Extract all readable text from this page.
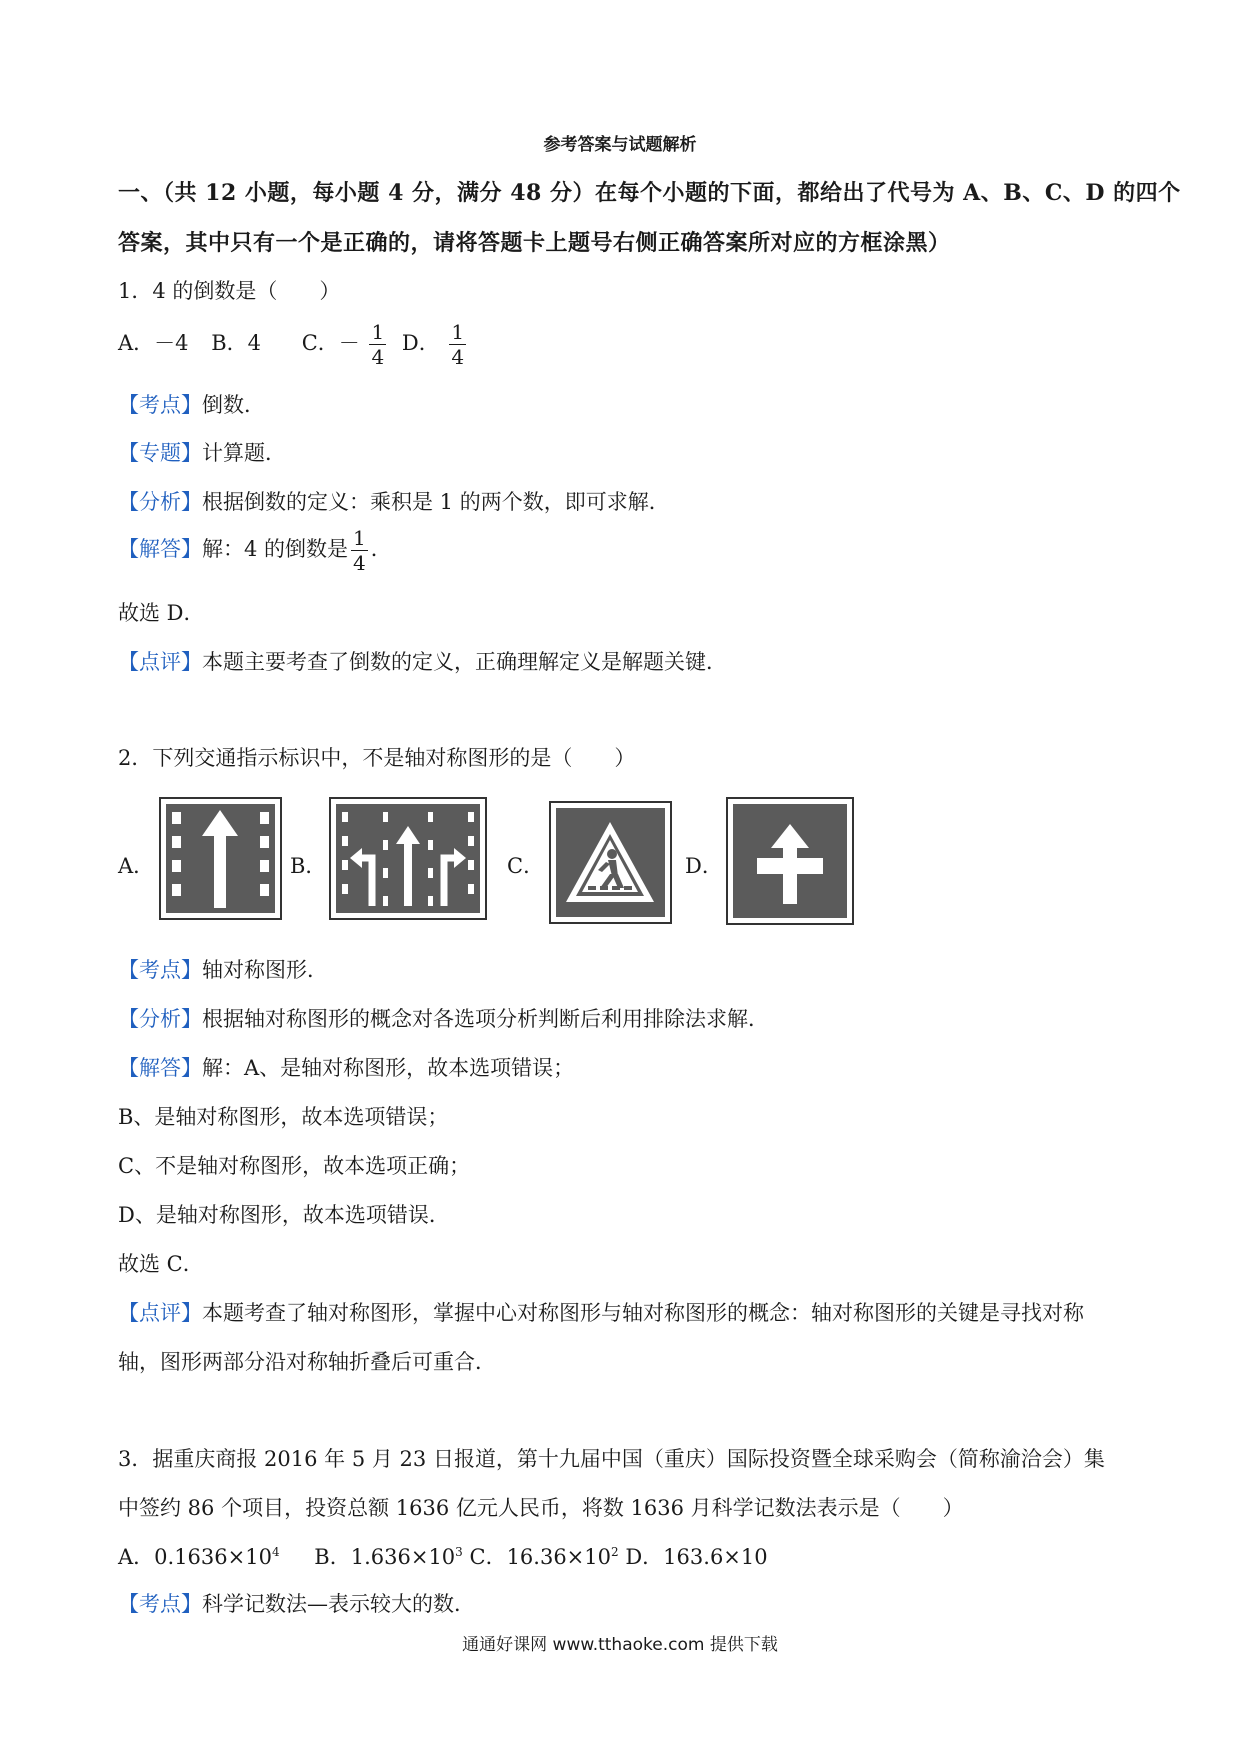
参考答案与试题解析
一、（共 12 小题，每小题 4 分，满分 48 分）在每个小题的下面，都给出了代号为 A、B、C、D 的四个
答案，其中只有一个是正确的，请将答题卡上题号右侧正确答案所对应的方框涂黑）
1．4 的倒数是（　　）
A．－4 B．4 C．－ $\frac{1}{4}$ D． $\frac{1}{4}$
【考点】倒数．
【专题】计算题．
【分析】根据倒数的定义：乘积是 1 的两个数，即可求解．
【解答】解：4 的倒数是 $\frac{1}{4}$ ．
故选 D．
【点评】本题主要考查了倒数的定义，正确理解定义是解题关键．
2．下列交通指示标识中，不是轴对称图形的是（　　）
A．	B．	C．	D．
【考点】轴对称图形．
【分析】根据轴对称图形的概念对各选项分析判断后利用排除法求解．
【解答】解：A、是轴对称图形，故本选项错误；
B、是轴对称图形，故本选项错误；
C、不是轴对称图形，故本选项正确；
D、是轴对称图形，故本选项错误．
故选 C．
【点评】本题考查了轴对称图形，掌握中心对称图形与轴对称图形的概念：轴对称图形的关键是寻找对称
轴，图形两部分沿对称轴折叠后可重合．
3．据重庆商报 2016 年 5 月 23 日报道，第十九届中国（重庆）国际投资暨全球采购会（简称渝洽会）集
中签约 86 个项目，投资总额 1636 亿元人民币，将数 1636 月科学记数法表示是（　　）
A．$0.1636\times 10^4$ B．$1.636\times 10^3$ C．$16.36\times 10^2$ D．163.6×10
【考点】科学记数法—表示较大的数．
通通好课网 www.tthaoke.com 提供下载
